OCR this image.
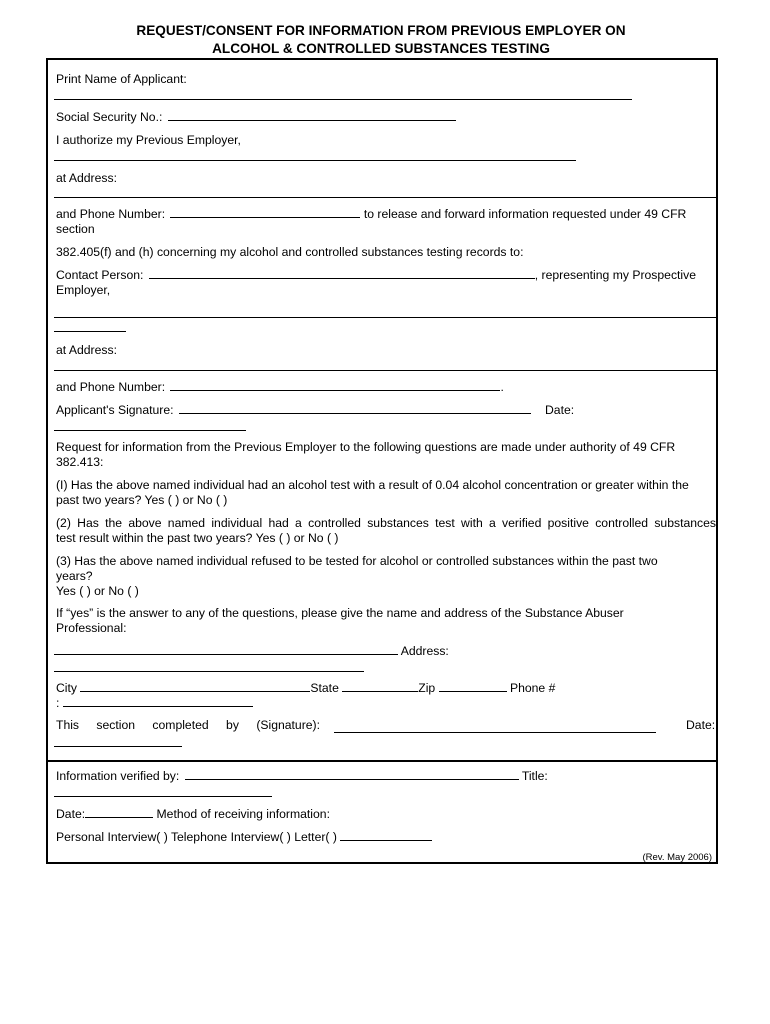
REQUEST/CONSENT FOR INFORMATION FROM PREVIOUS EMPLOYER ON
ALCOHOL & CONTROLLED SUBSTANCES TESTING
Print Name of Applicant:
Social Security No.:
I authorize my Previous Employer,
at Address:
and Phone Number:	to release and forward information requested under 49 CFR
section
382.405(f) and (h) concerning my alcohol and controlled substances testing records to:
Contact Person:	, representing my Prospective
Employer,
at Address:
and Phone Number:	.
Applicant's Signature:	Date:
Request for information from the Previous Employer to the following questions are made under authority of 49 CFR
382.413:
(I) Has the above named individual had an alcohol test with a result of 0.04 alcohol concentration or greater within the
past two years? Yes ( ) or No ( )
(2) Has the above named individual had a controlled substances test with a verified positive controlled substances
test result within the past two years? Yes ( ) or No ( )
(3) Has the above named individual refused to be tested for alcohol or controlled substances within the past two
years?
Yes ( ) or No ( )
If “yes” is the answer to any of the questions, please give the name and address of the Substance Abuser
Professional:
Address:
City	State	Zip	Phone #
:
This section completed by (Signature):	Date:
Information verified by:	Title:
Date:	Method of receiving information:
Personal Interview( ) Telephone Interview( ) Letter( )
(Rev. May 2006)
